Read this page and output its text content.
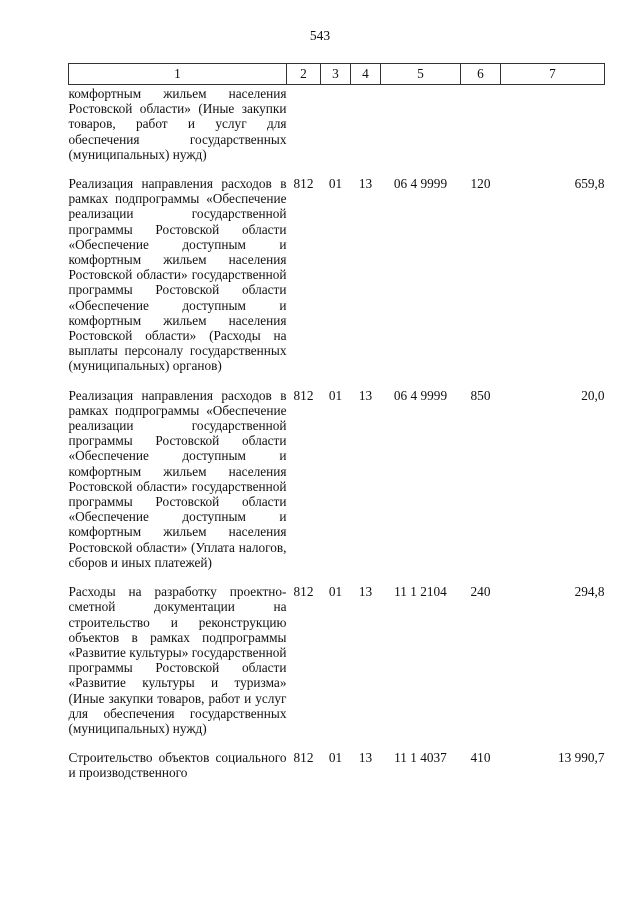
543
1	2	3	4	5	6	7
комфортным жильем населения Ростовской области» (Иные закупки товаров, работ и услуг для обеспечения государственных (муниципальных) нужд)						
Реализация направления расходов в рамках подпрограммы «Обеспечение реализации государственной программы Ростовской области «Обеспечение доступным и комфортным жильем населения Ростовской области» государственной программы Ростовской области «Обеспечение доступным и комфортным жильем населения Ростовской области» (Расходы на выплаты персоналу государственных (муниципальных) органов)	812	01	13	06 4 9999	120	659,8
Реализация направления расходов в рамках подпрограммы «Обеспечение реализации государственной программы Ростовской области «Обеспечение доступным и комфортным жильем населения Ростовской области» государственной программы Ростовской области «Обеспечение доступным и комфортным жильем населения Ростовской области» (Уплата налогов, сборов и иных платежей)	812	01	13	06 4 9999	850	20,0
Расходы на разработку проектно-сметной документации на строительство и реконструкцию объектов в рамках подпрограммы «Развитие культуры» государственной программы Ростовской области «Развитие культуры и туризма» (Иные закупки товаров, работ и услуг для обеспечения государственных (муниципальных) нужд)	812	01	13	11 1 2104	240	294,8
Строительство объектов социального и производственного	812	01	13	11 1 4037	410	13 990,7
